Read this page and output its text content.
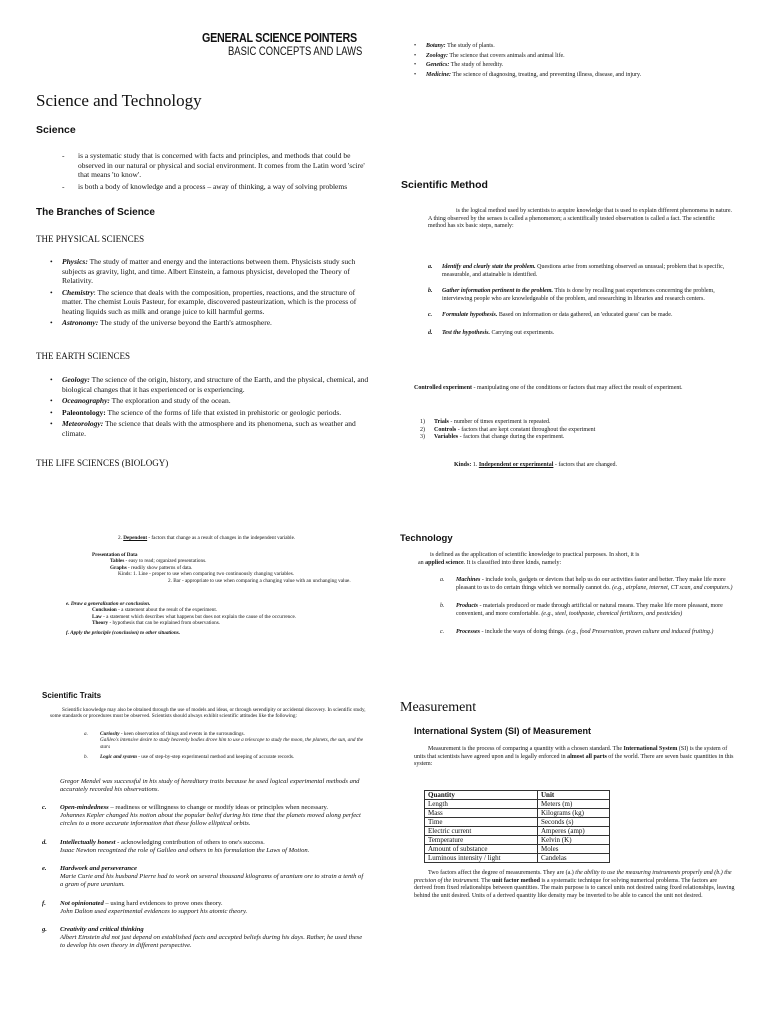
GENERAL SCIENCE POINTERS
BASIC CONCEPTS AND LAWS
Science and Technology
Science
- is a systematic study that is concerned with facts and principles, and methods that could be observed in our natural or physical and social environment. It comes from the Latin word 'scire' that means 'to know'.
- is both a body of knowledge and a process – away of thinking, a way of solving problems
The Branches of Science
THE PHYSICAL SCIENCES
• Physics: The study of matter and energy and the interactions between them. Physicists study such subjects as gravity, light, and time. Albert Einstein, a famous physicist, developed the Theory of Relativity.
• Chemistry: The science that deals with the composition, properties, reactions, and the structure of matter. The chemist Louis Pasteur, for example, discovered pasteurization, which is the process of heating liquids such as milk and orange juice to kill harmful germs.
• Astronomy: The study of the universe beyond the Earth's atmosphere.
THE EARTH SCIENCES
• Geology: The science of the origin, history, and structure of the Earth, and the physical, chemical, and biological changes that it has experienced or is experiencing.
• Oceanography: The exploration and study of the ocean.
• Paleontology: The science of the forms of life that existed in prehistoric or geologic periods.
• Meteorology: The science that deals with the atmosphere and its phenomena, such as weather and climate.
THE LIFE SCIENCES (BIOLOGY)
• Botany: The study of plants.
• Zoology: The science that covers animals and animal life.
• Genetics: The study of heredity.
• Medicine: The science of diagnosing, treating, and preventing illness, disease, and injury.
Scientific Method
is the logical method used by scientists to acquire knowledge that is used to explain different phenomena in nature. A thing observed by the senses is called a phenomenon; a scientifically tested observation is called a fact. The scientific method has six basic steps, namely:
a. Identify and clearly state the problem. Questions arise from something observed as unusual; problem that is specific, measurable, and attainable is identified.
b. Gather information pertinent to the problem. This is done by recalling past experiences concerning the problem, interviewing people who are knowledgeable of the problem, and researching in libraries and research centers.
c. Formulate hypothesis. Based on information or data gathered, an 'educated guess' can be made.
d. Test the hypothesis. Carrying out experiments.
Controlled experiment - manipulating one of the conditions or factors that may affect the result of experiment.
1) Trials - number of times experiment is repeated.
2) Controls - factors that are kept constant throughout the experiment
3) Variables - factors that change during the experiment.
Kinds: 1. Independent or experimental - factors that are changed.
2. Dependent - factors that change as a result of changes in the independent variable.
Presentation of Data
Tables - easy to read; organized presentations.
Graphs - readily show patterns of data.
Kinds: 1. Line - proper to use when comparing two continuously changing variables.
2. Bar - appropriate to use when comparing a changing value with an unchanging value.
e. Draw a generalization or conclusion.
Conclusion - a statement about the result of the experiment.
Law - a statement which describes what happens but does not explain the cause of the occurrence.
Theory - hypothesis that can be explained from observations.
f. Apply the principle (conclusion) to other situations.
Technology
is defined as the application of scientific knowledge to practical purposes. In short, it is
an applied science. It is classified into three kinds, namely:
a. Machines - include tools, gadgets or devices that help us do our activities faster and better. They make life more pleasant to us to do certain things which we normally cannot do. (e.g., airplane, internet, CT scan, and computers.)
b. Products - materials produced or made through artificial or natural means. They make life more pleasant, more convenient, and more comfortable. (e.g., steel, toothpaste, chemical fertilizers, and pesticides)
c. Processes - include the ways of doing things. (e.g., food Preservation, prawn culture and induced fruiting.)
Scientific Traits
Scientific knowledge may also be obtained through the use of models and ideas, or through serendipity or accidental discovery. In scientific study, some standards or procedures must be observed. Scientists should always exhibit scientific attitudes like the following:
a. Curiosity - keen observation of things and events in the surroundings.
Galileo's intensive desire to study heavenly bodies drove him to use a telescope to study the moon, the planets, the sun, and the stars
b. Logic and system - use of step-by-step experimental method and keeping of accurate records.
Gregor Mendel was successful in his study of hereditary traits because he used logical experimental methods and accurately recorded his observations.
c. Open-mindedness – readiness or willingness to change or modify ideas or principles when necessary.
Johannes Kepler changed his notion about the popular belief during his time that the planets moved along perfect circles to a more accurate information that these follow elliptical orbits.
d. Intellectually honest - acknowledging contribution of others to one's success.
Isaac Newton recognized the role of Galileo and others in his formulation the Laws of Motion.
e. Hardwork and perseverance
Marie Curie and his husband Pierre had to work on several thousand kilograms of uranium ore to strain a tenth of a gram of pure uranium.
f. Not opinionated – using hard evidences to prove ones theory.
John Dalton used experimental evidences to support his atomic theory.
g. Creativity and critical thinking
Albert Einstein did not just depend on established facts and accepted beliefs during his days. Rather, he used these to develop his own theory in different perspective.
Measurement
International System (SI) of Measurement
Measurement is the process of comparing a quantity with a chosen standard. The International System (SI) is the system of units that scientists have agreed upon and is legally enforced in almost all parts of the world. There are seven basic quantities in this system:
Quantity	Unit
Length	Meters (m)
Mass	Kilograms (kg)
Time	Seconds (s)
Electric current	Amperes (amp)
Temperature	Kelvin (K)
Amount of substance	Moles
Luminous intensity / light	Candelas
Two factors affect the degree of measurements. They are (a.) the ability to use the measuring instruments properly and (b.) the precision of the instrument. The unit factor method is a systematic technique for solving numerical problems. The factors are derived from fixed relationships between quantities. The main purpose is to cancel units not desired using fixed relationships, leaving behind the unit desired. Units of a derived quantity like density may be inverted to be able to cancel the unit not desired.
